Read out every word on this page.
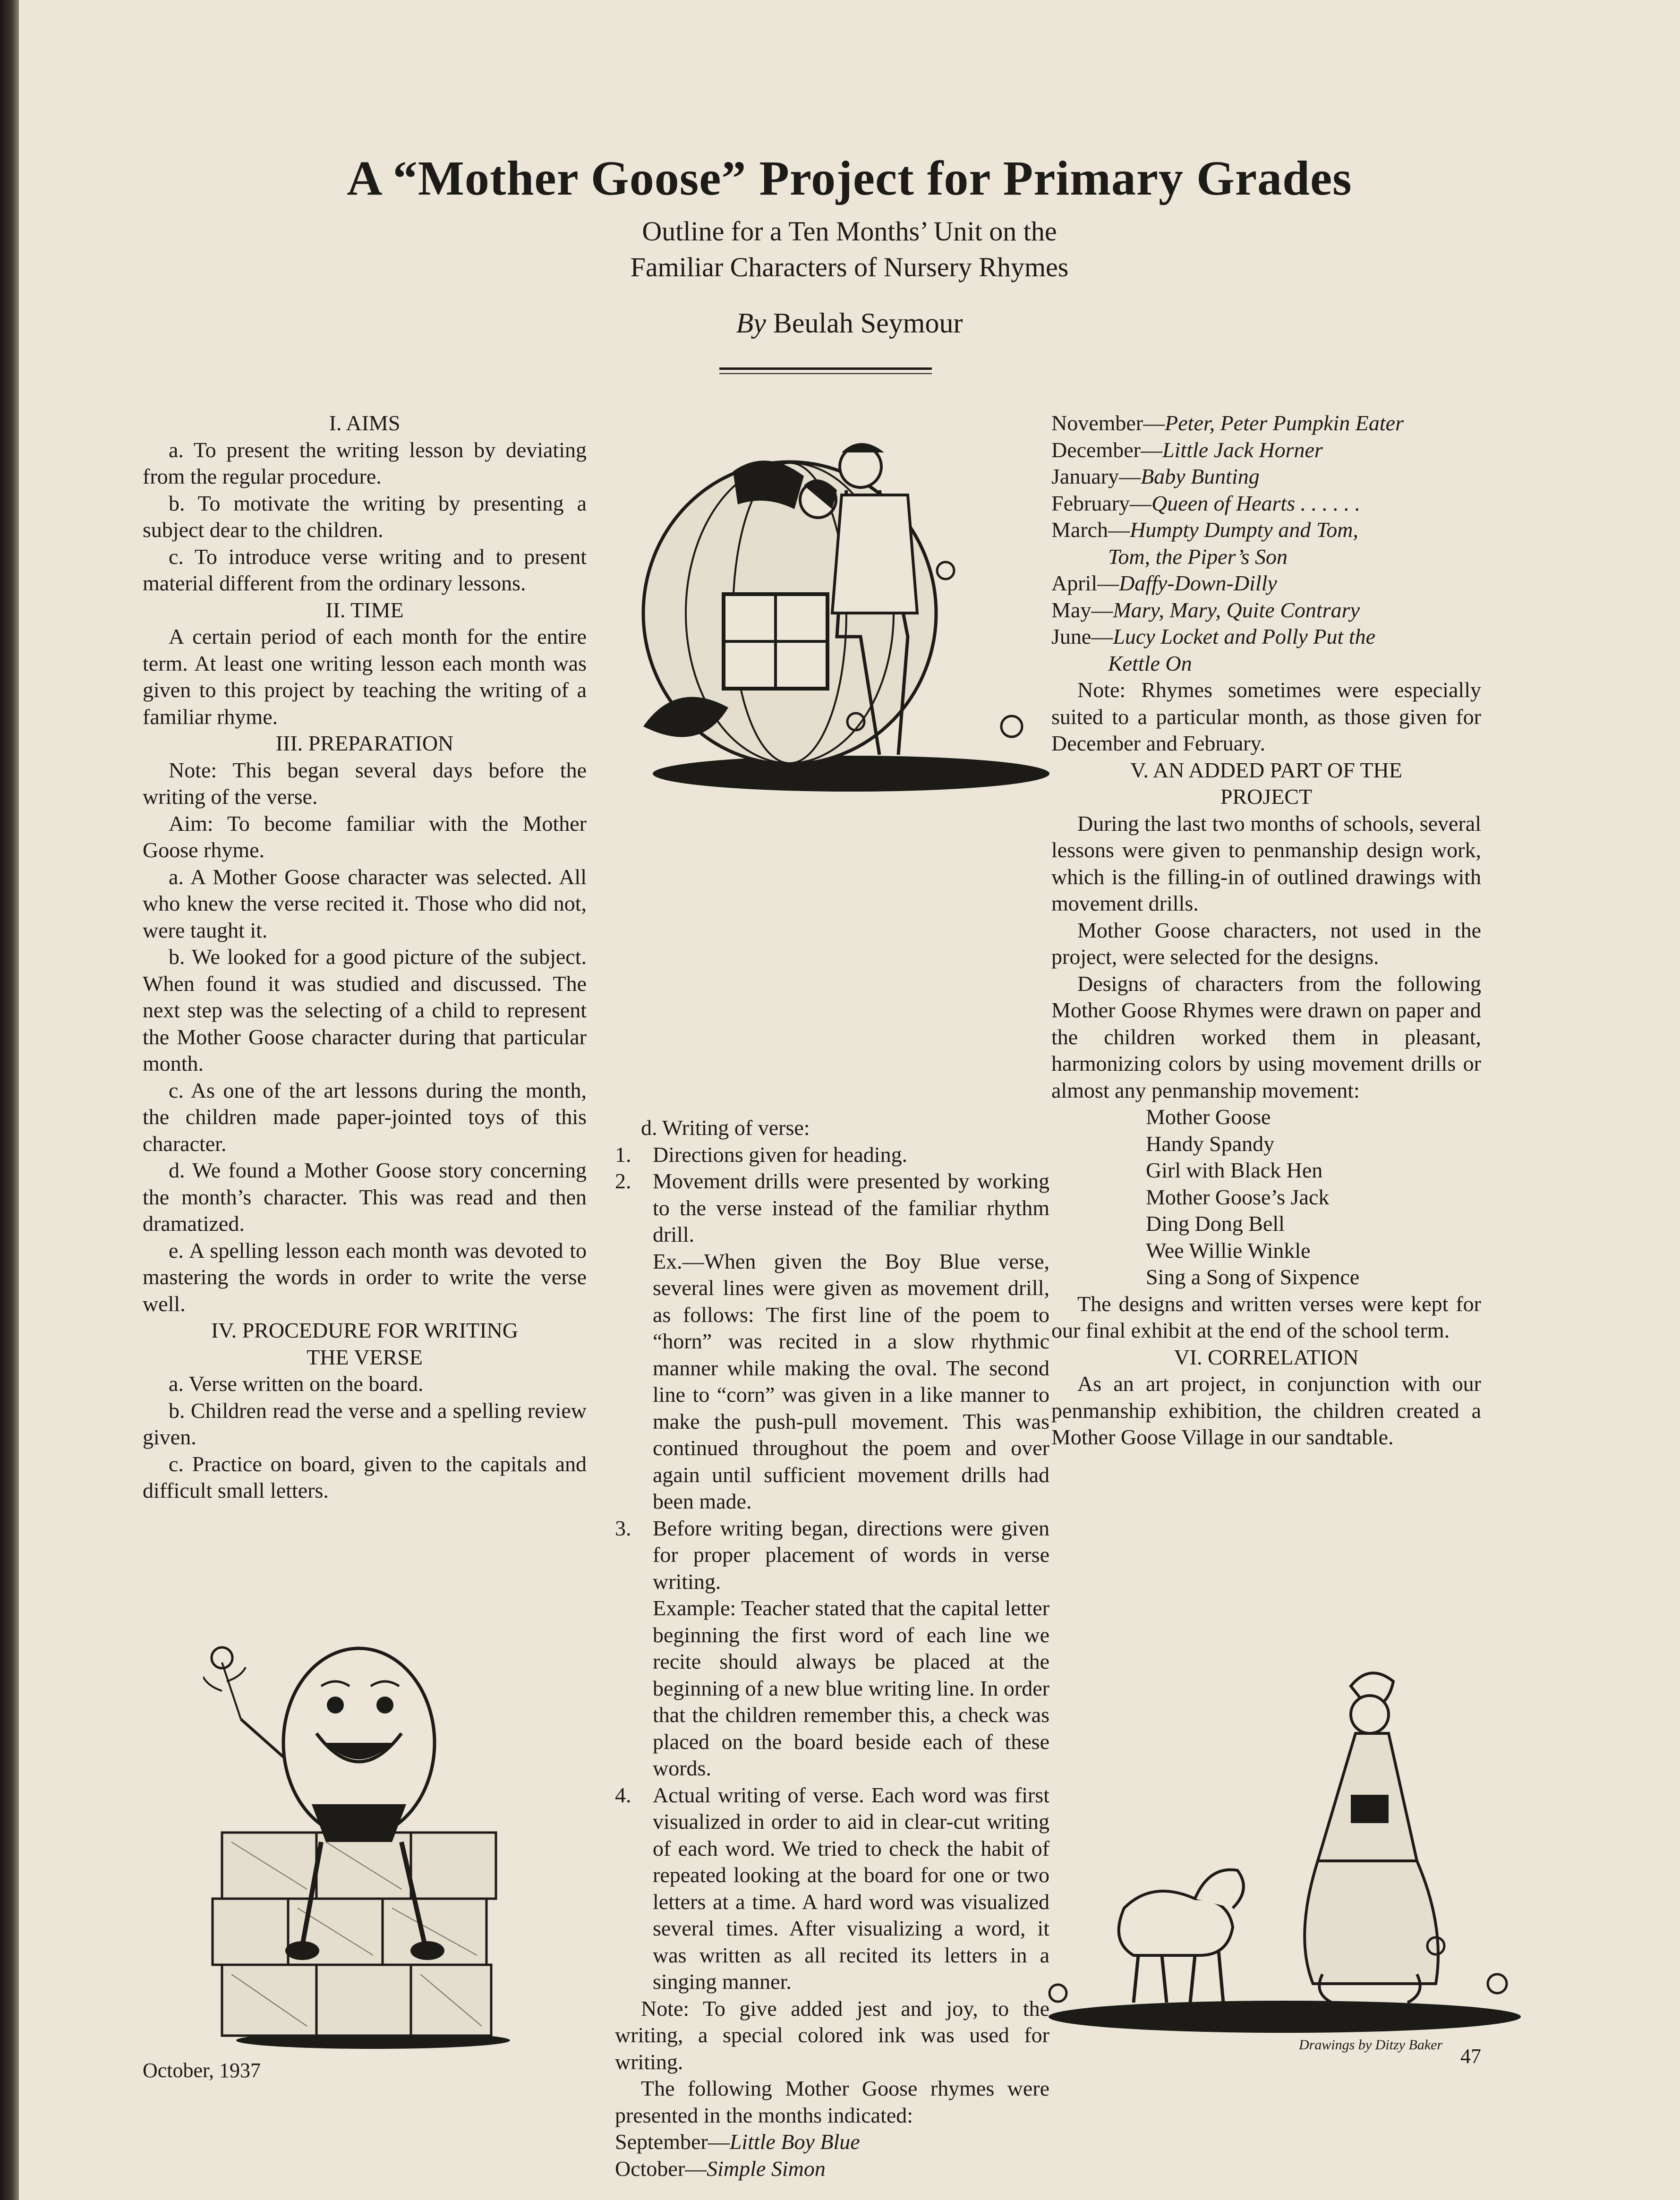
A “Mother Goose” Project for Primary Grades
Outline for a Ten Months’ Unit on the
Familiar Characters of Nursery Rhymes
By Beulah Seymour

I. AIMS

a. To present the writing lesson by deviating from the regular procedure.

b. To motivate the writing by presenting a subject dear to the children.

c. To introduce verse writing and to present material different from the ordinary lessons.

II. TIME

A certain period of each month for the entire term. At least one writing lesson each month was given to this project by teaching the writing of a familiar rhyme.

III. PREPARATION

Note: This began several days before the writing of the verse.

Aim: To become familiar with the Mother Goose rhyme.

a. A Mother Goose character was selected. All who knew the verse recited it. Those who did not, were taught it.

b. We looked for a good picture of the subject. When found it was studied and discussed. The next step was the selecting of a child to represent the Mother Goose character during that particular month.

c. As one of the art lessons during the month, the children made paper-jointed toys of this character.

d. We found a Mother Goose story concerning the month’s character. This was read and then dramatized.

e. A spelling lesson each month was devoted to mastering the words in order to write the verse well.

IV. PROCEDURE FOR WRITING

THE VERSE

a. Verse written on the board.

b. Children read the verse and a spelling review given.

c. Practice on board, given to the capitals and difficult small letters.

d. Writing of verse:

1. Directions given for heading.

2. Movement drills were presented by working to the verse instead of the familiar rhythm drill.

Ex.—When given the Boy Blue verse, several lines were given as movement drill, as follows: The first line of the poem to “horn” was recited in a slow rhythmic manner while making the oval. The second line to “corn” was given in a like manner to make the push-pull movement. This was continued throughout the poem and over again until sufficient movement drills had been made.

3. Before writing began, directions were given for proper placement of words in verse writing.

Example: Teacher stated that the capital letter beginning the first word of each line we recite should always be placed at the beginning of a new blue writing line. In order that the children remember this, a check was placed on the board beside each of these words.

4. Actual writing of verse. Each word was first visualized in order to aid in clear-cut writing of each word. We tried to check the habit of repeated looking at the board for one or two letters at a time. A hard word was visualized several times. After visualizing a word, it was written as all recited its letters in a singing manner.

Note: To give added jest and joy, to the writing, a special colored ink was used for writing.

The following Mother Goose rhymes were presented in the months indicated:

September—Little Boy Blue

October—Simple Simon

November—Peter, Peter Pumpkin Eater

December—Little Jack Horner

January—Baby Bunting

February—Queen of Hearts . . . . . .

March—Humpty Dumpty and Tom,

Tom, the Piper’s Son

April—Daffy-Down-Dilly

May—Mary, Mary, Quite Contrary

June—Lucy Locket and Polly Put the

Kettle On

Note: Rhymes sometimes were especially suited to a particular month, as those given for December and February.

V. AN ADDED PART OF THE

PROJECT

During the last two months of schools, several lessons were given to penmanship design work, which is the filling-in of outlined drawings with movement drills.

Mother Goose characters, not used in the project, were selected for the designs.

Designs of characters from the following Mother Goose Rhymes were drawn on paper and the children worked them in pleasant, harmonizing colors by using movement drills or almost any penmanship movement:

Mother Goose

Handy Spandy

Girl with Black Hen

Mother Goose’s Jack

Ding Dong Bell

Wee Willie Winkle

Sing a Song of Sixpence

The designs and written verses were kept for our final exhibit at the end of the school term.

VI. CORRELATION

As an art project, in conjunction with our penmanship exhibition, the children created a Mother Goose Village in our sandtable.

Drawings by Ditzy Baker
October, 1937
47
